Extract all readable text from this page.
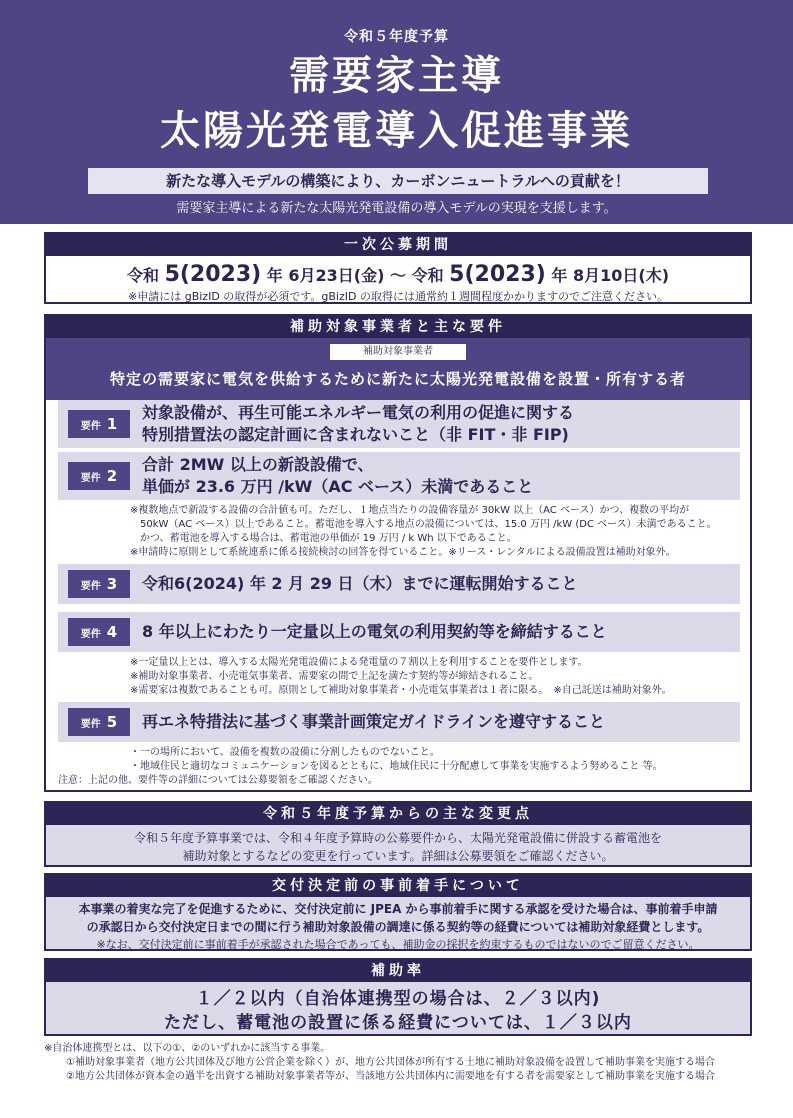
令和５年度予算
需要家主導
太陽光発電導入促進事業
新たな導入モデルの構築により、カーボンニュートラルへの貢献を！
需要家主導による新たな太陽光発電設備の導入モデルの実現を支援します。
一次公募期間
令和 5(2023) 年 6月23日(金) 〜 令和 5(2023) 年 8月10日(木)
※申請には gBizID の取得が必須です。gBizID の取得には通常約１週間程度かかりますのでご注意ください。
補助対象事業者と主な要件
補助対象事業者
特定の需要家に電気を供給するために新たに太陽光発電設備を設置・所有する者
要件 1
対象設備が、再生可能エネルギー電気の利用の促進に関する
特別措置法の認定計画に含まれないこと（非 FIT・非 FIP)
要件 2
合計 2MW 以上の新設設備で、
単価が 23.6 万円 /kW（AC ベース）未満であること
※複数地点で新設する設備の合計値も可。ただし、１地点当たりの設備容量が 30kW 以上（AC ベース）かつ、複数の平均が
　50kW（AC ベース）以上であること。蓄電池を導入する地点の設備については、15.0 万円 /kW (DC ベース）未満であること。
　かつ、蓄電池を導入する場合は、蓄電池の単価が 19 万円 / k Wh 以下であること。
※申請時に原則として系統連系に係る接続検討の回答を得ていること。※リース・レンタルによる設備設置は補助対象外。
要件 3	令和6(2024) 年 2 月 29 日（木）までに運転開始すること
要件 4	8 年以上にわたり一定量以上の電気の利用契約等を締結すること
※一定量以上とは、導入する太陽光発電設備による発電量の７割以上を利用することを要件とします。
※補助対象事業者、小売電気事業者、需要家の間で上記を満たす契約等が締結されること。
※需要家は複数であることも可。原則として補助対象事業者・小売電気事業者は１者に限る。　※自己託送は補助対象外。
要件 5	再エネ特措法に基づく事業計画策定ガイドラインを遵守すること
・一の場所において、設備を複数の設備に分割したものでないこと。
・地域住民と適切なコミュニケーションを図るとともに、地域住民に十分配慮して事業を実施するよう努めること 等。
注意：上記の他、要件等の詳細については公募要領をご確認ください。
令和５年度予算からの主な変更点
令和５年度予算事業では、令和４年度予算時の公募要件から、太陽光発電設備に併設する蓄電池を
補助対象とするなどの変更を行っています。詳細は公募要領をご確認ください。
交付決定前の事前着手について
本事業の着実な完了を促進するために、交付決定前に JPEA から事前着手に関する承認を受けた場合は、事前着手申請
の承認日から交付決定日までの間に行う補助対象設備の調達に係る契約等の経費については補助対象経費とします。
※なお、交付決定前に事前着手が承認された場合であっても、補助金の採択を約束するものではないのでご留意ください。
補助率
１／２以内（自治体連携型の場合は、２／３以内)
ただし、蓄電池の設置に係る経費については、１／３以内
※自治体連携型とは、以下の①、②のいずれかに該当する事業。
①補助対象事業者（地方公共団体及び地方公営企業を除く）が、地方公共団体が所有する土地に補助対象設備を設置して補助事業を実施する場合
②地方公共団体が資本金の過半を出資する補助対象事業者等が、当該地方公共団体内に需要地を有する者を需要家として補助事業を実施する場合
